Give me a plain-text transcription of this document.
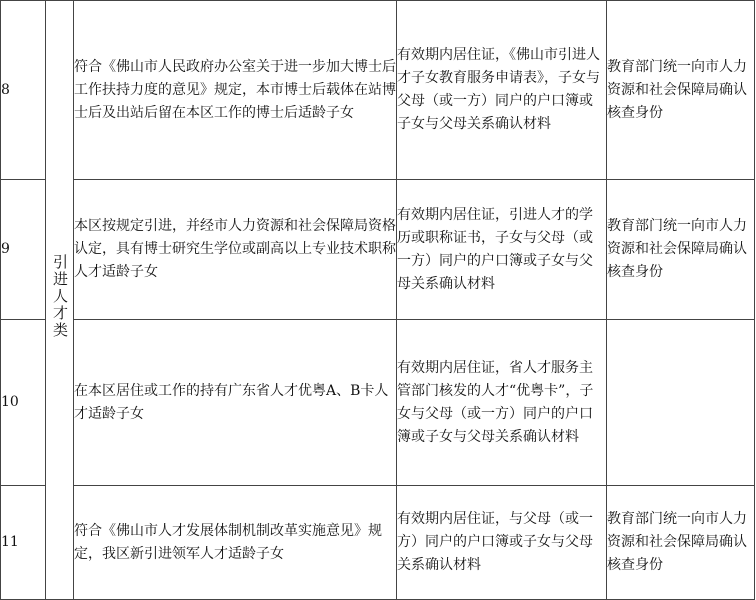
8	引进人才类	符合《佛山市人民政府办公室关于进一步加大博士后工作扶持力度的意见》规定，本市博士后载体在站博士后及出站后留在本区工作的博士后适龄子女	有效期内居住证，《佛山市引进人才子女教育服务申请表》，子女与父母（或一方）同户的户口簿或子女与父母关系确认材料	教育部门统一向市人力资源和社会保障局确认核查身份

9		本区按规定引进，并经市人力资源和社会保障局资格认定，具有博士研究生学位或副高以上专业技术职称人才适龄子女	有效期内居住证，引进人才的学历或职称证书，子女与父母（或一方）同户的户口簿或子女与父母关系确认材料	教育部门统一向市人力资源和社会保障局确认核查身份

10		在本区居住或工作的持有广东省人才优粤A、B卡人才适龄子女	有效期内居住证，省人才服务主管部门核发的人才“优粤卡”，子女与父母（或一方）同户的户口簿或子女与父母关系确认材料	

11		符合《佛山市人才发展体制机制改革实施意见》规定，我区新引进领军人才适龄子女	有效期内居住证，与父母（或一方）同户的户口簿或子女与父母关系确认材料	教育部门统一向市人力资源和社会保障局确认核查身份
